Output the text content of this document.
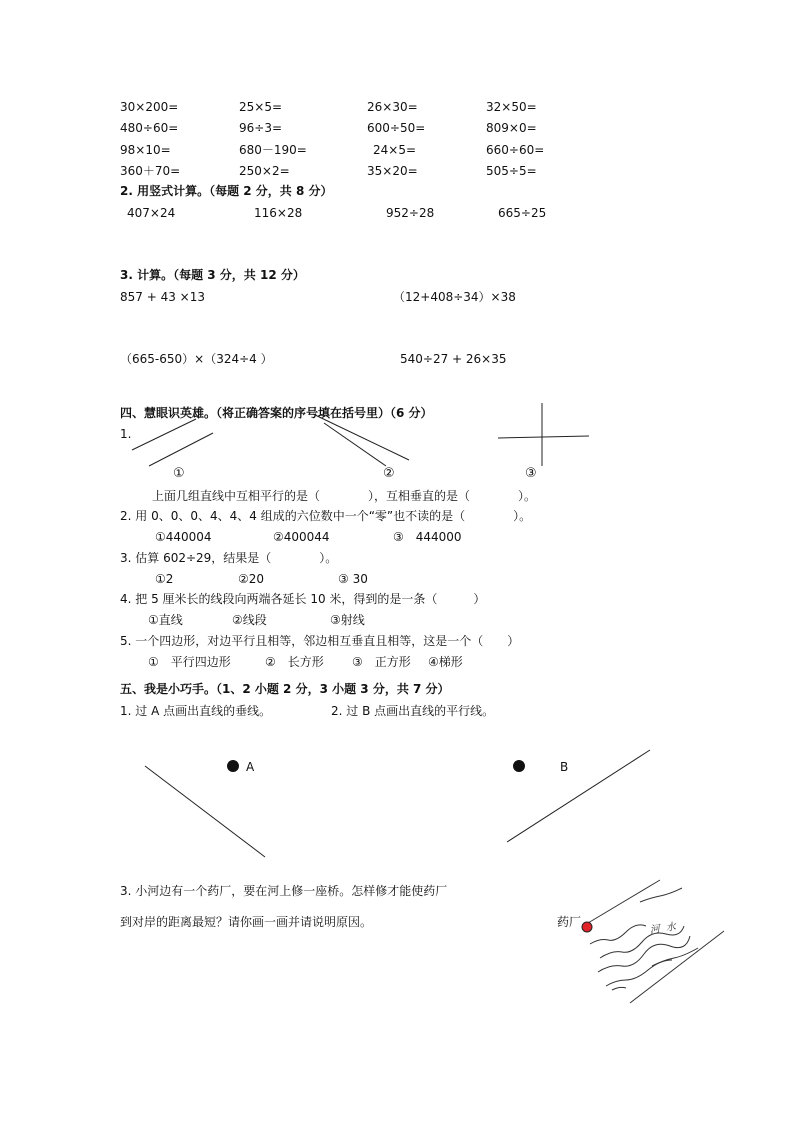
30×200=	25×5=	26×30=	32×50=
480÷60=	96÷3=	600÷50=	809×0=
98×10=	680－190=	24×5=	660÷60=
360＋70=	250×2=	35×20=	505÷5=
2. 用竖式计算。（每题 2 分，共 8 分）
407×24	116×28	952÷28	665÷25
3. 计算。（每题 3 分，共 12 分）
857 + 43 ×13	（12+408÷34）×38
（665-650）×（324÷4 ）	540÷27 + 26×35
四、慧眼识英雄。（将正确答案的序号填在括号里）（6 分）
1.
①	②	③
上面几组直线中互相平行的是（　　　　），互相垂直的是（　　　　）。
2. 用 0、0、0、4、4、4 组成的六位数中一个“零”也不读的是（　　　　）。
①440004	②400044	③　444000
3. 估算 602÷29，结果是（　　　　）。
①2	②20	③ 30
4. 把 5 厘米长的线段向两端各延长 10 米，得到的是一条（　　　）
①直线	②线段	③射线
5. 一个四边形，对边平行且相等，邻边相互垂直且相等，这是一个（　　）
①　平行四边形	②　长方形 ③　正方形 ④梯形
五、我是小巧手。（1、2 小题 2 分，3 小题 3 分，共 7 分）
1. 过 A 点画出直线的垂线。	2. 过 B 点画出直线的平行线。
A	B
3. 小河边有一个药厂，要在河上修一座桥。怎样修才能使药厂
到对岸的距离最短？请你画一画并请说明原因。	药厂	河水
